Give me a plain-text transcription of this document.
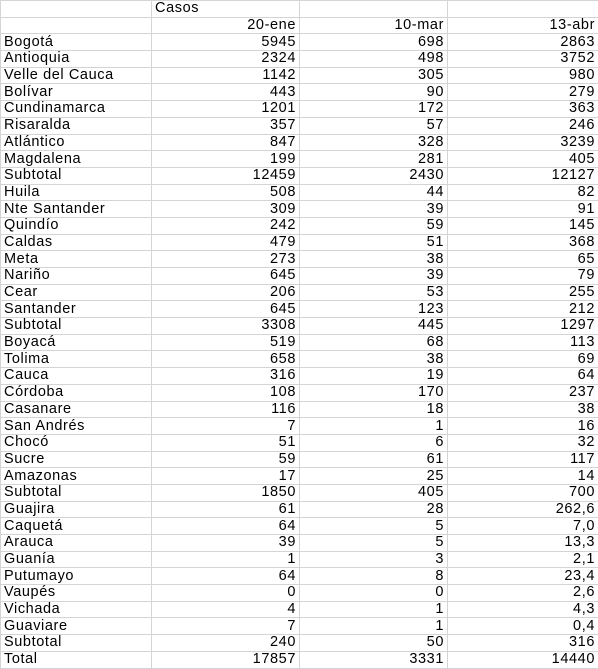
	Casos		
	20-ene	10-mar	13-abr
Bogotá	5945	698	2863
Antioquia	2324	498	3752
Velle del Cauca	1142	305	980
Bolívar	443	90	279
Cundinamarca	1201	172	363
Risaralda	357	57	246
Atlántico	847	328	3239
Magdalena	199	281	405
Subtotal	12459	2430	12127
Huila	508	44	82
Nte Santander	309	39	91
Quindío	242	59	145
Caldas	479	51	368
Meta	273	38	65
Nariño	645	39	79
Cear	206	53	255
Santander	645	123	212
Subtotal	3308	445	1297
Boyacá	519	68	113
Tolima	658	38	69
Cauca	316	19	64
Córdoba	108	170	237
Casanare	116	18	38
San Andrés	7	1	16
Chocó	51	6	32
Sucre	59	61	117
Amazonas	17	25	14
Subtotal	1850	405	700
Guajira	61	28	262,6
Caquetá	64	5	7,0
Arauca	39	5	13,3
Guanía	1	3	2,1
Putumayo	64	8	23,4
Vaupés	0	0	2,6
Vichada	4	1	4,3
Guaviare	7	1	0,4
Subtotal	240	50	316
Total	17857	3331	14440
